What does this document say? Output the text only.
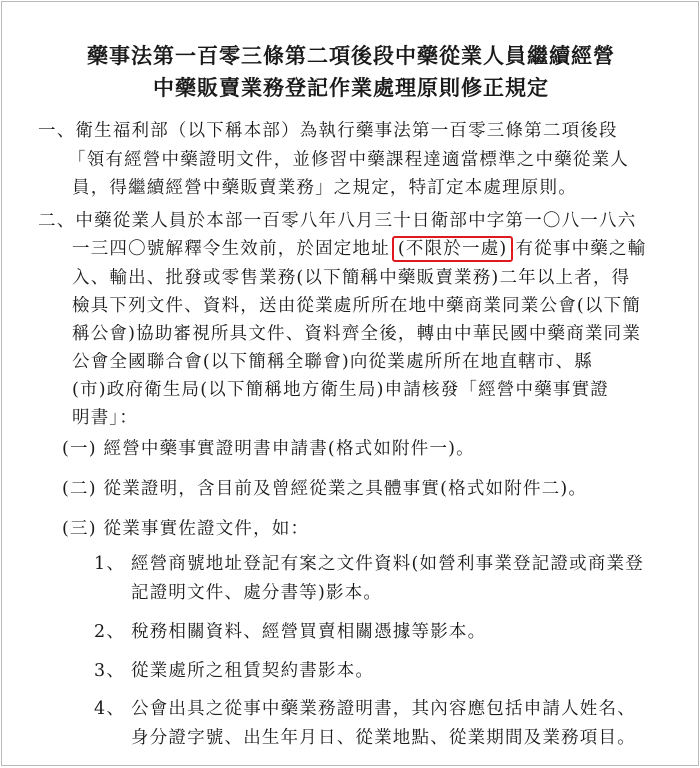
藥事法第一百零三條第二項後段中藥從業人員繼續經營
中藥販賣業務登記作業處理原則修正規定
一、衛生福利部（以下稱本部）為執行藥事法第一百零三條第二項後段
「領有經營中藥證明文件，並修習中藥課程達適當標準之中藥從業人
員，得繼續經營中藥販賣業務」之規定，特訂定本處理原則。
二、中藥從業人員於本部一百零八年八月三十日衛部中字第一〇八一八六
一三四〇號解釋令生效前，於固定地址 (不限於一處) 有從事中藥之輸
入、輸出、批發或零售業務(以下簡稱中藥販賣業務)二年以上者，得
檢具下列文件、資料，送由從業處所所在地中藥商業同業公會(以下簡
稱公會)協助審視所具文件、資料齊全後，轉由中華民國中藥商業同業
公會全國聯合會(以下簡稱全聯會)向從業處所所在地直轄市、縣
(市)政府衛生局(以下簡稱地方衛生局)申請核發「經營中藥事實證
明書」：
(一) 經營中藥事實證明書申請書(格式如附件一)。
(二) 從業證明，含目前及曾經從業之具體事實(格式如附件二)。
(三) 從業事實佐證文件，如：
1、 經營商號地址登記有案之文件資料(如營利事業登記證或商業登
記證明文件、處分書等)影本。
2、 稅務相關資料、經營買賣相關憑據等影本。
3、 從業處所之租賃契約書影本。
4、 公會出具之從事中藥業務證明書，其內容應包括申請人姓名、
身分證字號、出生年月日、從業地點、從業期間及業務項目。
